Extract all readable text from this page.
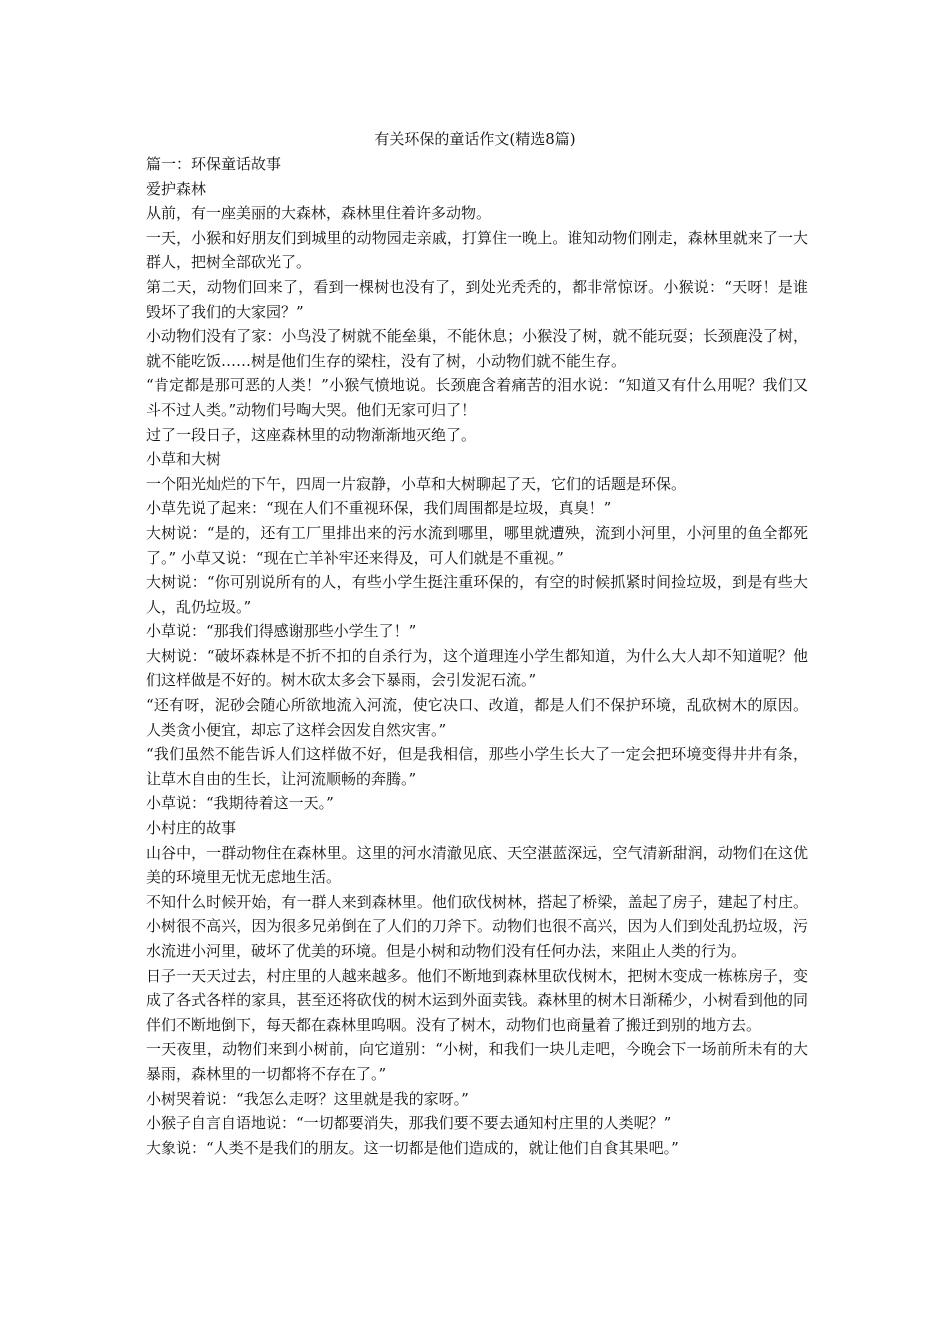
有关环保的童话作文(精选8篇)

篇一：环保童话故事

爱护森林

从前，有一座美丽的大森林，森林里住着许多动物。

一天，小猴和好朋友们到城里的动物园走亲戚，打算住一晚上。谁知动物们刚走，森林里就来了一大群人，把树全部砍光了。

第二天，动物们回来了，看到一棵树也没有了，到处光秃秃的，都非常惊讶。小猴说：“天呀！是谁毁坏了我们的大家园？”

小动物们没有了家：小鸟没了树就不能垒巢，不能休息；小猴没了树，就不能玩耍；长颈鹿没了树，就不能吃饭……树是他们生存的梁柱，没有了树，小动物们就不能生存。

“肯定都是那可恶的人类！”小猴气愤地说。长颈鹿含着痛苦的泪水说：“知道又有什么用呢？我们又斗不过人类。”动物们号啕大哭。他们无家可归了！

过了一段日子，这座森林里的动物渐渐地灭绝了。

小草和大树

一个阳光灿烂的下午，四周一片寂静，小草和大树聊起了天，它们的话题是环保。

小草先说了起来：“现在人们不重视环保，我们周围都是垃圾，真臭！”

大树说：“是的，还有工厂里排出来的污水流到哪里，哪里就遭殃，流到小河里，小河里的鱼全都死了。” 小草又说：“现在亡羊补牢还来得及，可人们就是不重视。”

大树说：“你可别说所有的人，有些小学生挺注重环保的，有空的时候抓紧时间捡垃圾，到是有些大人，乱仍垃圾。”

小草说：“那我们得感谢那些小学生了！”

大树说：“破坏森林是不折不扣的自杀行为，这个道理连小学生都知道，为什么大人却不知道呢？他们这样做是不好的。树木砍太多会下暴雨，会引发泥石流。”

“还有呀，泥砂会随心所欲地流入河流，使它决口、改道，都是人们不保护环境，乱砍树木的原因。人类贪小便宜，却忘了这样会因发自然灾害。”

“我们虽然不能告诉人们这样做不好，但是我相信，那些小学生长大了一定会把环境变得井井有条，让草木自由的生长，让河流顺畅的奔腾。”

小草说：“我期待着这一天。”

小村庄的故事

山谷中，一群动物住在森林里。这里的河水清澈见底、天空湛蓝深远，空气清新甜润，动物们在这优美的环境里无忧无虑地生活。

不知什么时候开始，有一群人来到森林里。他们砍伐树林，搭起了桥梁，盖起了房子，建起了村庄。小树很不高兴，因为很多兄弟倒在了人们的刀斧下。动物们也很不高兴，因为人们到处乱扔垃圾，污水流进小河里，破坏了优美的环境。但是小树和动物们没有任何办法，来阻止人类的行为。

日子一天天过去，村庄里的人越来越多。他们不断地到森林里砍伐树木，把树木变成一栋栋房子，变成了各式各样的家具，甚至还将砍伐的树木运到外面卖钱。森林里的树木日渐稀少，小树看到他的同伴们不断地倒下，每天都在森林里呜咽。没有了树木，动物们也商量着了搬迁到别的地方去。

一天夜里，动物们来到小树前，向它道别：“小树，和我们一块儿走吧，今晚会下一场前所未有的大暴雨，森林里的一切都将不存在了。”

小树哭着说：“我怎么走呀？这里就是我的家呀。”

小猴子自言自语地说：“一切都要消失，那我们要不要去通知村庄里的人类呢？”

大象说：“人类不是我们的朋友。这一切都是他们造成的，就让他们自食其果吧。”
